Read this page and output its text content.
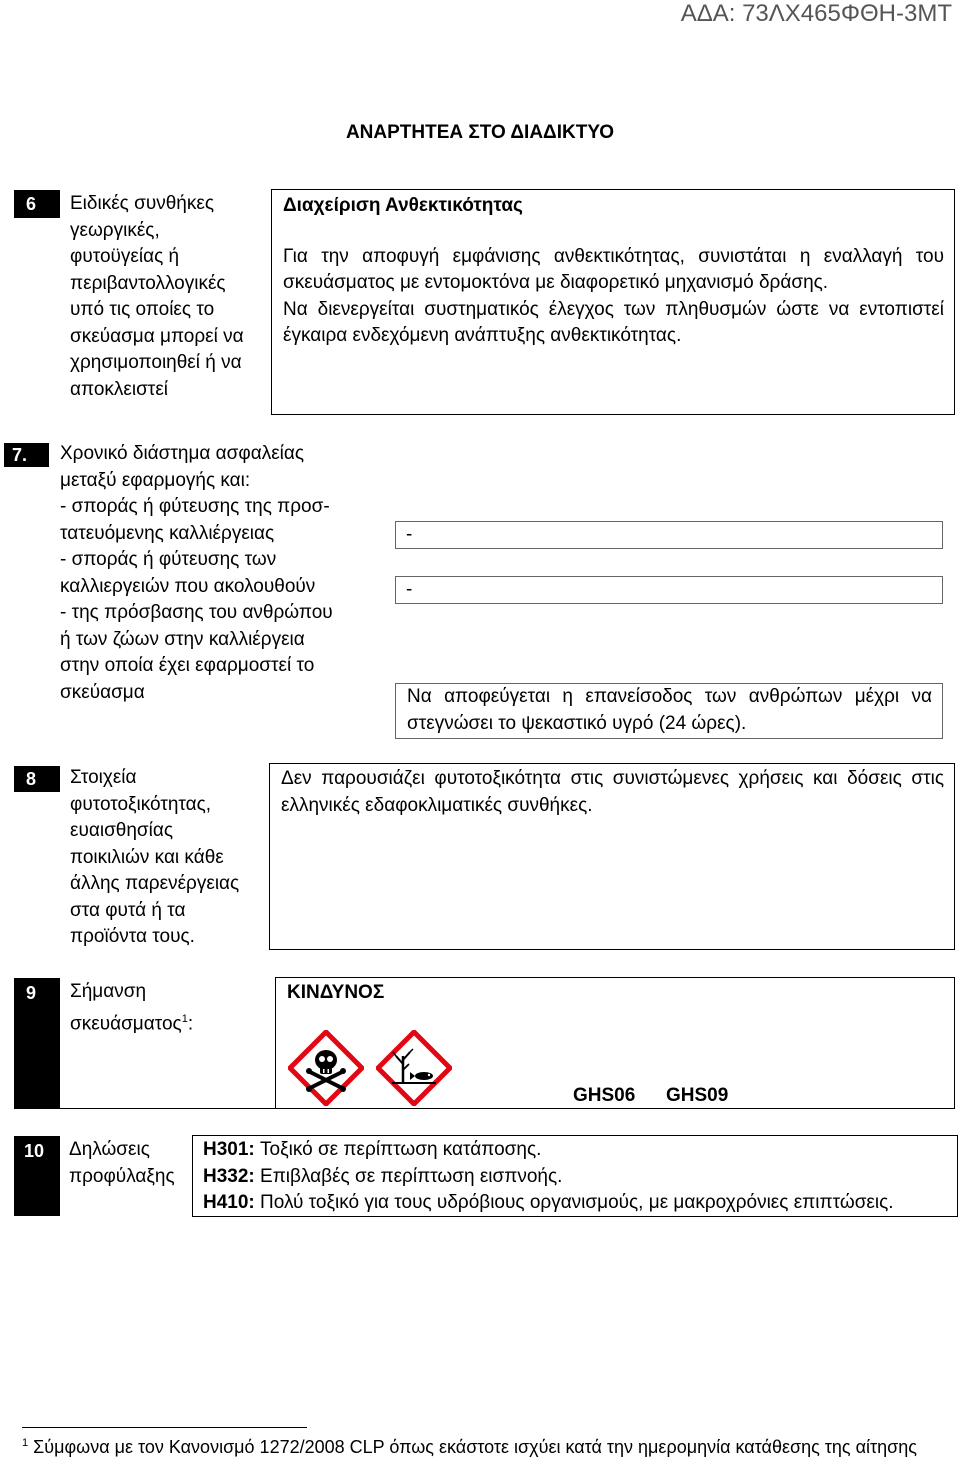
ΑΔΑ: 73ΛΧ465ΦΘΗ-3ΜΤ
ΑΝΑΡΤΗΤΕΑ ΣΤΟ ΔΙΑΔΙΚΤΥΟ
6	Ειδικές συνθήκες
γεωργικές,
φυτοϋγείας ή
περιβαντολλογικές
υπό τις οποίες το
σκεύασμα μπορεί να
χρησιμοποιηθεί ή να
αποκλειστεί
Διαχείριση Ανθεκτικότητας
Για την αποφυγή εμφάνισης ανθεκτικότητας, συνιστάται η εναλλαγή του σκευάσματος με εντομοκτόνα με διαφορετικό μηχανισμό δράσης.
Να διενεργείται συστηματικός έλεγχος των πληθυσμών ώστε να εντοπιστεί έγκαιρα ενδεχόμενη ανάπτυξης ανθεκτικότητας.
7.	Χρονικό διάστημα ασφαλείας
μεταξύ εφαρμογής και:
- σποράς ή φύτευσης της προσ-
τατευόμενης καλλιέργειας
- σποράς ή φύτευσης των
καλλιεργειών που ακολουθούν
- της πρόσβασης του ανθρώπου
ή των ζώων στην καλλιέργεια
στην οποία έχει εφαρμοστεί το
σκεύασμα
-
-
Να αποφεύγεται η επανείσοδος των ανθρώπων μέχρι να στεγνώσει το ψεκαστικό υγρό (24 ώρες).
8	Στοιχεία
φυτοτοξικότητας,
ευαισθησίας
ποικιλιών και κάθε
άλλης παρενέργειας
στα φυτά ή τα
προϊόντα τους.
Δεν παρουσιάζει φυτοτοξικότητα στις συνιστώμενες χρήσεις και δόσεις στις ελληνικές εδαφοκλιματικές συνθήκες.
9 Σήμανση
σκευάσματος$^1$:
ΚΙΝΔΥΝΟΣ
GHS06 GHS09
10 Δηλώσεις
προφύλαξης
H301: Τοξικό σε περίπτωση κατάποσης.
H332: Επιβλαβές σε περίπτωση εισπνοής.
H410: Πολύ τοξικό για τους υδρόβιους οργανισμούς, με μακροχρόνιες επιπτώσεις.
$^1$ Σύμφωνα με τον Κανονισμό 1272/2008 CLP όπως εκάστοτε ισχύει κατά την ημερομηνία κατάθεσης της αίτησης
